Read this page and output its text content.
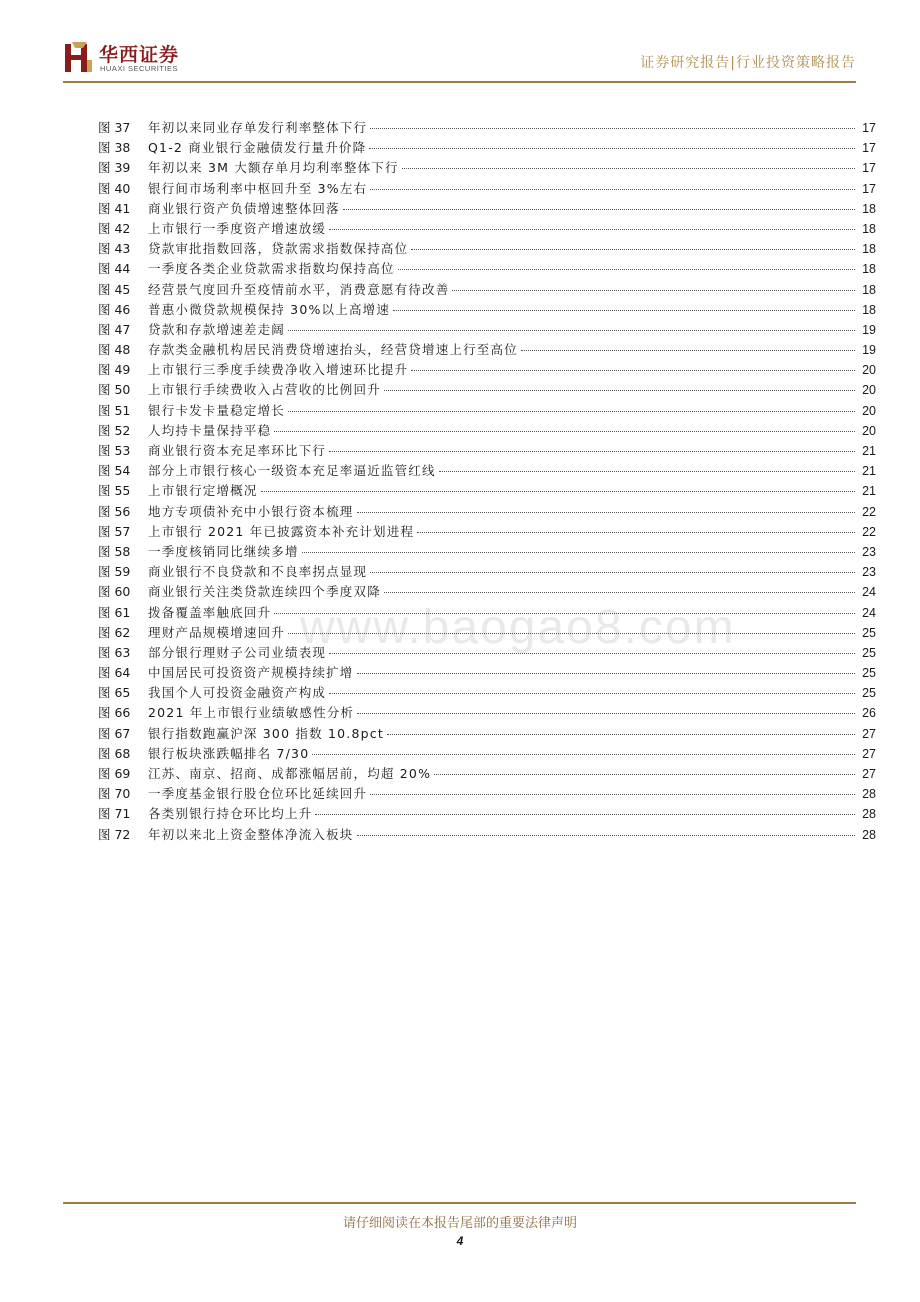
华西证券
HUAXI SECURITIES	证券研究报告|行业投资策略报告
www.baogao8.com
图 37	年初以来同业存单发行利率整体下行	17
图 38	Q1-2 商业银行金融债发行量升价降	17
图 39	年初以来 3M 大额存单月均利率整体下行	17
图 40	银行间市场利率中枢回升至 3%左右	17
图 41	商业银行资产负债增速整体回落	18
图 42	上市银行一季度资产增速放缓	18
图 43	贷款审批指数回落，贷款需求指数保持高位	18
图 44	一季度各类企业贷款需求指数均保持高位	18
图 45	经营景气度回升至疫情前水平，消费意愿有待改善	18
图 46	普惠小微贷款规模保持 30%以上高增速	18
图 47	贷款和存款增速差走阔	19
图 48	存款类金融机构居民消费贷增速抬头，经营贷增速上行至高位	19
图 49	上市银行三季度手续费净收入增速环比提升	20
图 50	上市银行手续费收入占营收的比例回升	20
图 51	银行卡发卡量稳定增长	20
图 52	人均持卡量保持平稳	20
图 53	商业银行资本充足率环比下行	21
图 54	部分上市银行核心一级资本充足率逼近监管红线	21
图 55	上市银行定增概况	21
图 56	地方专项债补充中小银行资本梳理	22
图 57	上市银行 2021 年已披露资本补充计划进程	22
图 58	一季度核销同比继续多增	23
图 59	商业银行不良贷款和不良率拐点显现	23
图 60	商业银行关注类贷款连续四个季度双降	24
图 61	拨备覆盖率触底回升	24
图 62	理财产品规模增速回升	25
图 63	部分银行理财子公司业绩表现	25
图 64	中国居民可投资资产规模持续扩增	25
图 65	我国个人可投资金融资产构成	25
图 66	2021 年上市银行业绩敏感性分析	26
图 67	银行指数跑赢沪深 300 指数 10.8pct	27
图 68	银行板块涨跌幅排名 7/30	27
图 69	江苏、南京、招商、成都涨幅居前，均超 20%	27
图 70	一季度基金银行股仓位环比延续回升	28
图 71	各类别银行持仓环比均上升	28
图 72	年初以来北上资金整体净流入板块	28
请仔细阅读在本报告尾部的重要法律声明
4
